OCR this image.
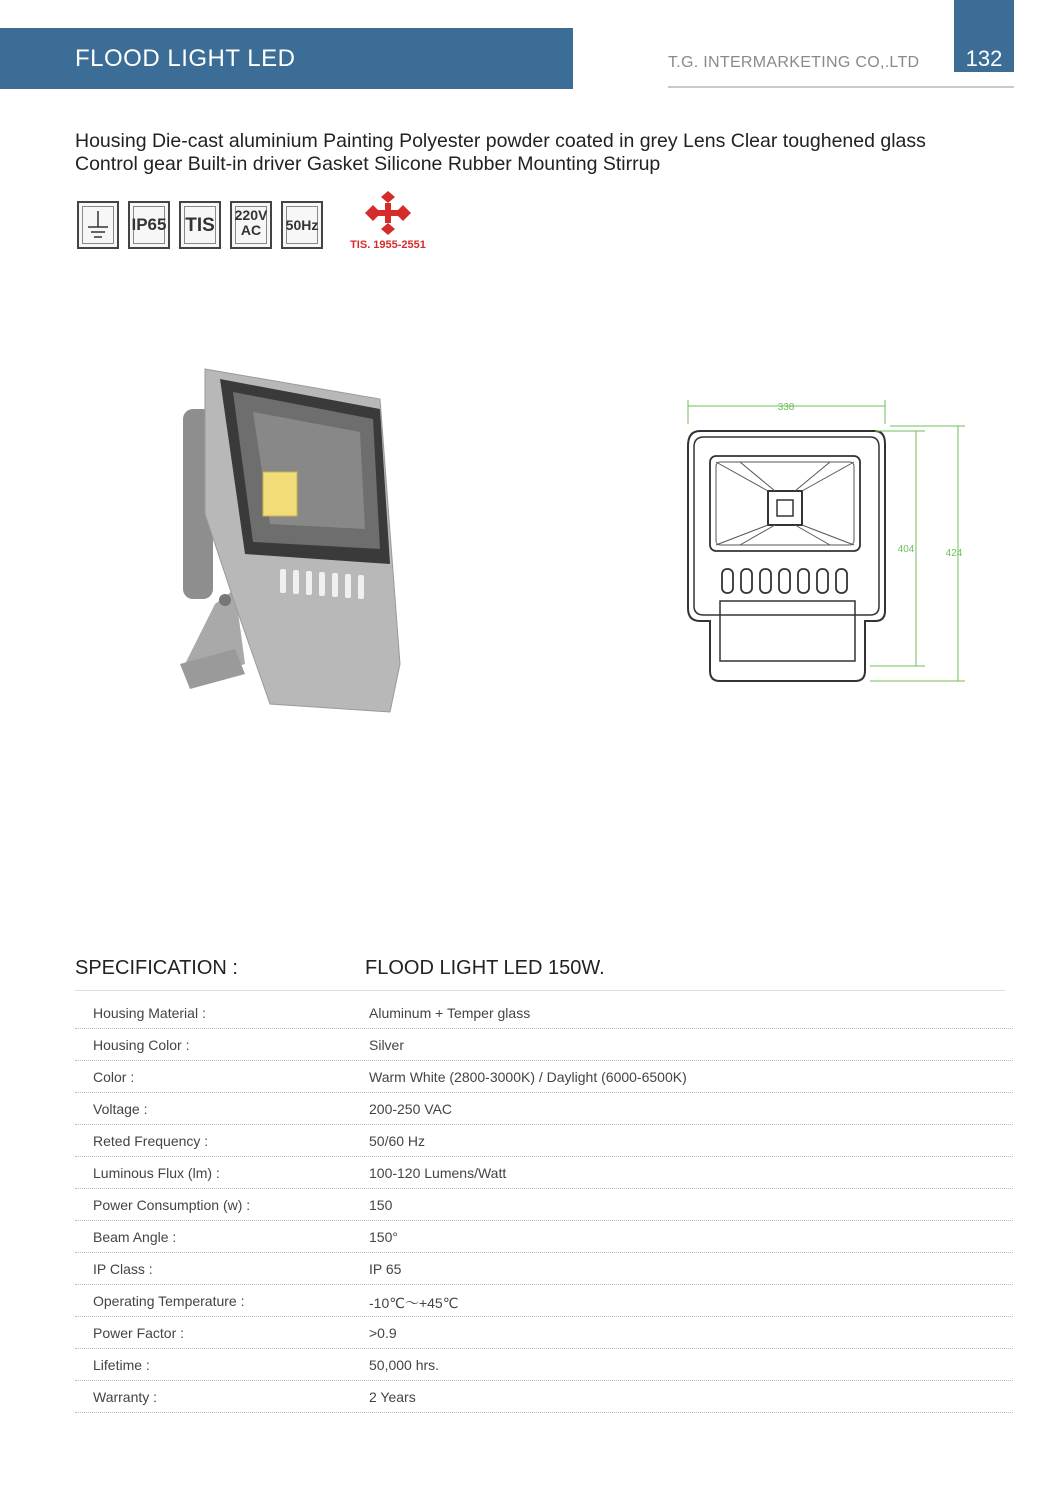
FLOOD LIGHT LED	T.G. INTERMARKETING CO,.LTD	132
Housing Die-cast aluminium Painting Polyester powder coated in grey Lens Clear toughened glass Control gear Built-in driver Gasket Silicone Rubber Mounting Stirrup
IP65 TIS	220V
AC	50Hz
TIS. 1955-2551
338
404	424
SPECIFICATION :	FLOOD LIGHT LED 150W.
Housing Material :	Aluminum + Temper glass
Housing Color :	Silver
Color :	Warm White (2800-3000K) / Daylight (6000-6500K)
Voltage :	200-250 VAC
Reted Frequency :	50/60 Hz
Luminous Flux (lm) :	100-120 Lumens/Watt
Power Consumption (w) :	150
Beam Angle :	150°
IP Class :	IP 65
Operating Temperature :	-10℃～+45℃
Power Factor :	>0.9
Lifetime :	50,000 hrs.
Warranty :	2 Years
